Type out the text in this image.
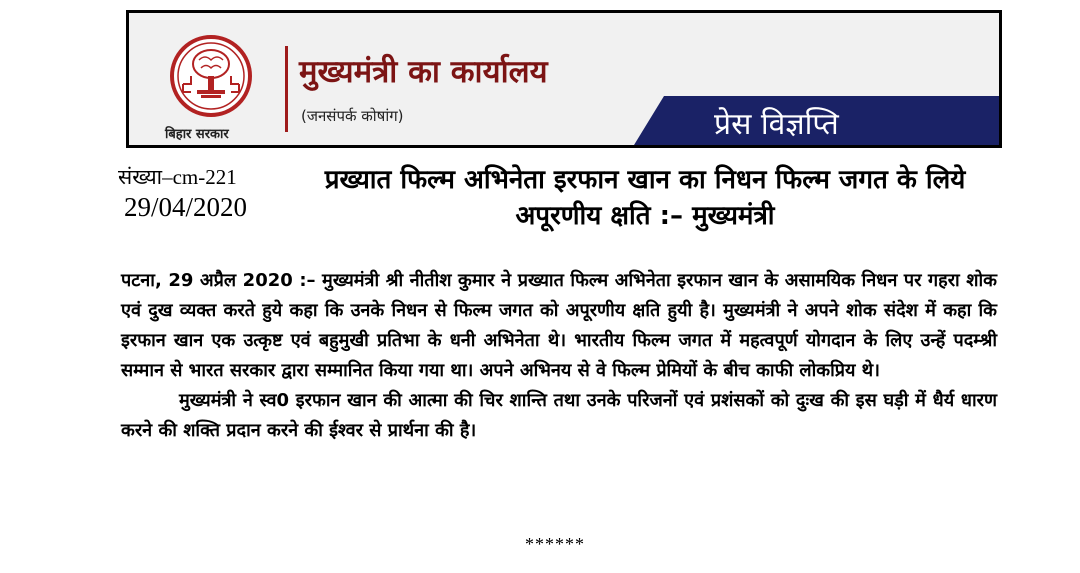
बिहार सरकार
मुख्यमंत्री का कार्यालय
(जनसंपर्क कोषांग)	प्रेस विज्ञप्ति
संख्या–cm-221
29/04/2020
प्रख्यात फिल्म अभिनेता इरफान खान का निधन फिल्म जगत के लिये अपूरणीय क्षति :– मुख्यमंत्री

पटना, 29 अप्रैल 2020 :– मुख्यमंत्री श्री नीतीश कुमार ने प्रख्यात फिल्म अभिनेता इरफान खान के असामयिक निधन पर गहरा शोक एवं दुख व्यक्त करते हुये कहा कि उनके निधन से फिल्म जगत को अपूरणीय क्षति हुयी है। मुख्यमंत्री ने अपने शोक संदेश में कहा कि इरफान खान एक उत्कृष्ट एवं बहुमुखी प्रतिभा के धनी अभिनेता थे। भारतीय फिल्म जगत में महत्वपूर्ण योगदान के लिए उन्हें पदम्श्री सम्मान से भारत सरकार द्वारा सम्मानित किया गया था। अपने अभिनय से वे फिल्म प्रेमियों के बीच काफी लोकप्रिय थे।

मुख्यमंत्री ने स्व0 इरफान खान की आत्मा की चिर शान्ति तथा उनके परिजनों एवं प्रशंसकों को दुःख की इस घड़ी में धैर्य धारण करने की शक्ति प्रदान करने की ईश्वर से प्रार्थना की है।

******
